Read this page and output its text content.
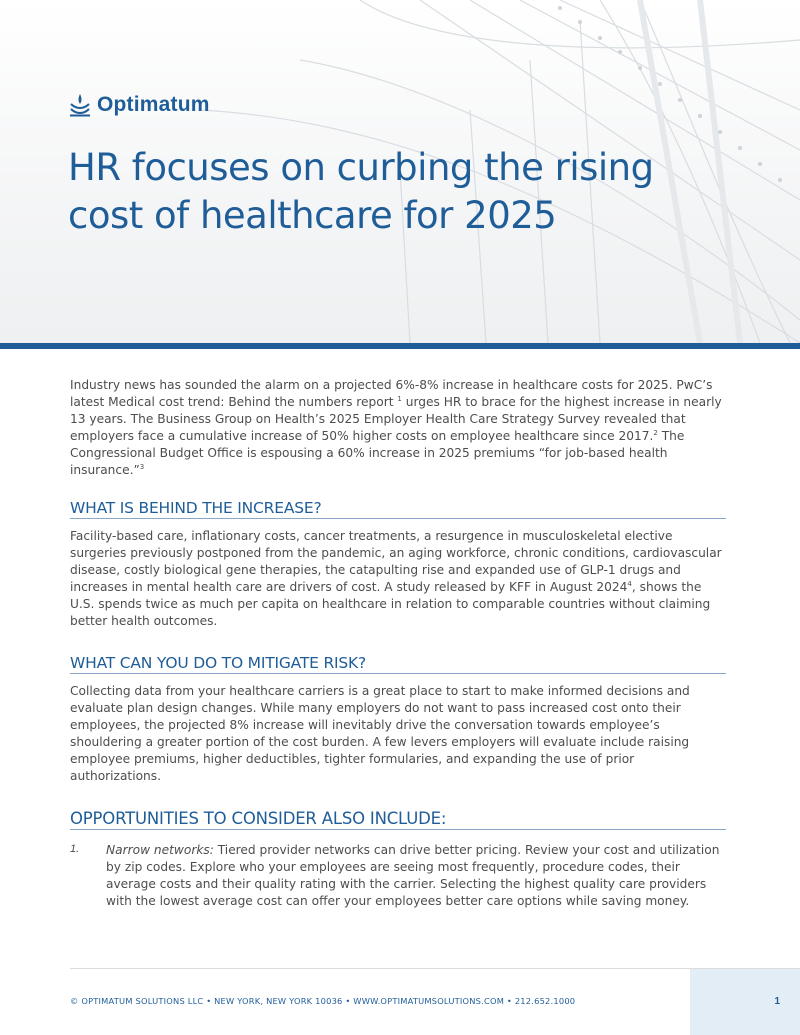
Optimatum
HR focuses on curbing the rising
cost of healthcare for 2025

Industry news has sounded the alarm on a projected 6%-8% increase in healthcare costs for 2025. PwC’s latest Medical cost trend: Behind the numbers report $^1$ urges HR to brace for the highest increase in nearly 13 years. The Business Group on Health’s 2025 Employer Health Care Strategy Survey revealed that employers face a cumulative increase of 50% higher costs on employee healthcare since 2017.$^2$ The Congressional Budget Office is espousing a 60% increase in 2025 premiums “for job-based health insurance.”$^3$

WHAT IS BEHIND THE INCREASE?

Facility-based care, inflationary costs, cancer treatments, a resurgence in musculoskeletal elective surgeries previously postponed from the pandemic, an aging workforce, chronic conditions, cardiovascular disease, costly biological gene therapies, the catapulting rise and expanded use of GLP-1 drugs and increases in mental health care are drivers of cost. A study released by KFF in August 2024$^4$, shows the U.S. spends twice as much per capita on healthcare in relation to comparable countries without claiming better health outcomes.

WHAT CAN YOU DO TO MITIGATE RISK?

Collecting data from your healthcare carriers is a great place to start to make informed decisions and evaluate plan design changes. While many employers do not want to pass increased cost onto their employees, the projected 8% increase will inevitably drive the conversation towards employee’s shouldering a greater portion of the cost burden. A few levers employers will evaluate include raising employee premiums, higher deductibles, tighter formularies, and expanding the use of prior authorizations.

OPPORTUNITIES TO CONSIDER ALSO INCLUDE:
1.	Narrow networks: Tiered provider networks can drive better pricing. Review your cost and utilization by zip codes. Explore who your employees are seeing most frequently, procedure codes, their average costs and their quality rating with the carrier. Selecting the highest quality care providers with the lowest average cost can offer your employees better care options while saving money.

© OPTIMATUM SOLUTIONS LLC • NEW YORK, NEW YORK 10036 • WWW.OPTIMATUMSOLUTIONS.COM • 212.652.1000	1
